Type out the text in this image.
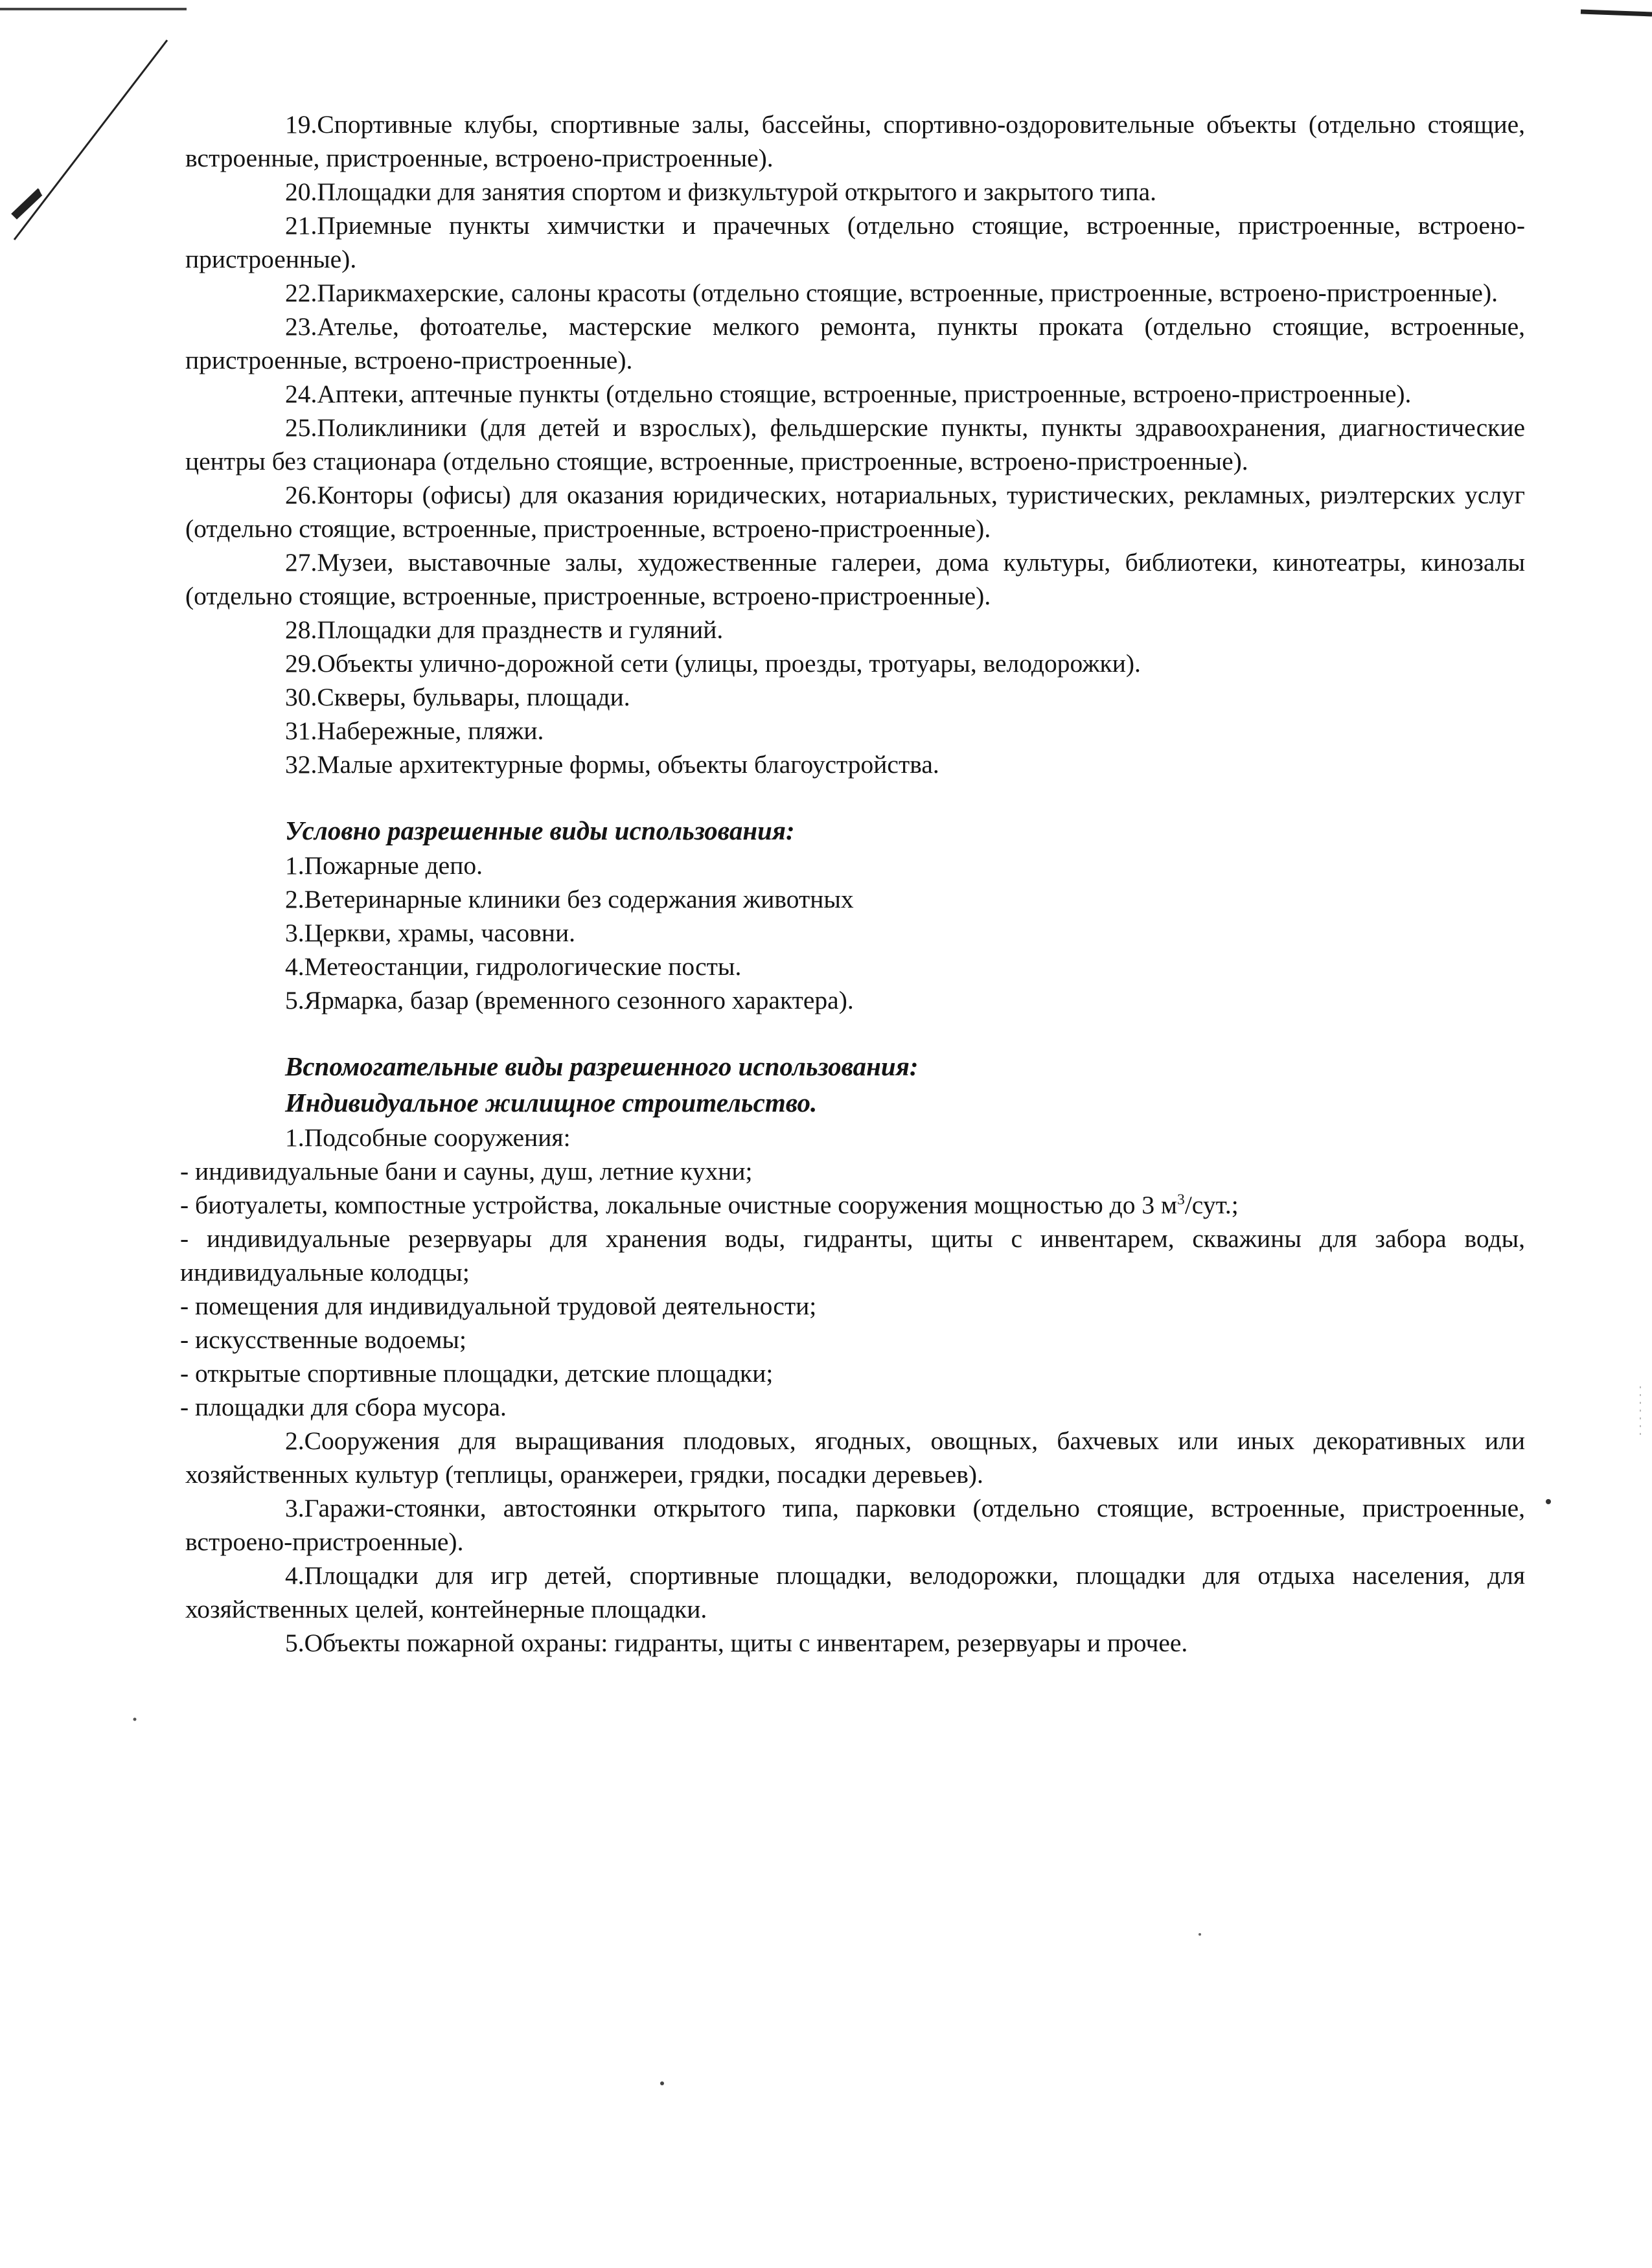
19.Спортивные клубы, спортивные залы, бассейны, спортивно-оздоровительные объекты (отдельно стоящие, встроенные, пристроенные, встроено-пристроенные).

20.Площадки для занятия спортом и физкультурой открытого и закрытого типа.

21.Приемные пункты химчистки и прачечных (отдельно стоящие, встроенные, пристроенные, встроено-пристроенные).

22.Парикмахерские, салоны красоты (отдельно стоящие, встроенные, пристроенные, встроено-пристроенные).

23.Ателье, фотоателье, мастерские мелкого ремонта, пункты проката (отдельно стоящие, встроенные, пристроенные, встроено-пристроенные).

24.Аптеки, аптечные пункты (отдельно стоящие, встроенные, пристроенные, встроено-пристроенные).

25.Поликлиники (для детей и взрослых), фельдшерские пункты, пункты здравоохранения, диагностические центры без стационара (отдельно стоящие, встроенные, пристроенные, встроено-пристроенные).

26.Конторы (офисы) для оказания юридических, нотариальных, туристических, рекламных, риэлтерских услуг (отдельно стоящие, встроенные, пристроенные, встроено-пристроенные).

27.Музеи, выставочные залы, художественные галереи, дома культуры, библиотеки, кинотеатры, кинозалы (отдельно стоящие, встроенные, пристроенные, встроено-пристроенные).

28.Площадки для празднеств и гуляний.

29.Объекты улично-дорожной сети (улицы, проезды, тротуары, велодорожки).

30.Скверы, бульвары, площади.

31.Набережные, пляжи.

32.Малые архитектурные формы, объекты благоустройства.

Условно разрешенные виды использования:

1.Пожарные депо.

2.Ветеринарные клиники без содержания животных

3.Церкви, храмы, часовни.

4.Метеостанции, гидрологические посты.

5.Ярмарка, базар (временного сезонного характера).

Вспомогательные виды разрешенного использования:

Индивидуальное жилищное строительство.

1.Подсобные сооружения:

- индивидуальные бани и сауны, душ, летние кухни;

- биотуалеты, компостные устройства, локальные очистные сооружения мощностью до 3 $м^3$/сут.;

- индивидуальные резервуары для хранения воды, гидранты, щиты с инвентарем, скважины для забора воды, индивидуальные колодцы;

- помещения для индивидуальной трудовой деятельности;

- искусственные водоемы;

- открытые спортивные площадки, детские площадки;

- площадки для сбора мусора.

2.Сооружения для выращивания плодовых, ягодных, овощных, бахчевых или иных декоративных или хозяйственных культур (теплицы, оранжереи, грядки, посадки деревьев).

3.Гаражи-стоянки, автостоянки открытого типа, парковки (отдельно стоящие, встроенные, пристроенные, встроено-пристроенные).

4.Площадки для игр детей, спортивные площадки, велодорожки, площадки для отдыха населения, для хозяйственных целей, контейнерные площадки.

5.Объекты пожарной охраны: гидранты, щиты с инвентарем, резервуары и прочее.
